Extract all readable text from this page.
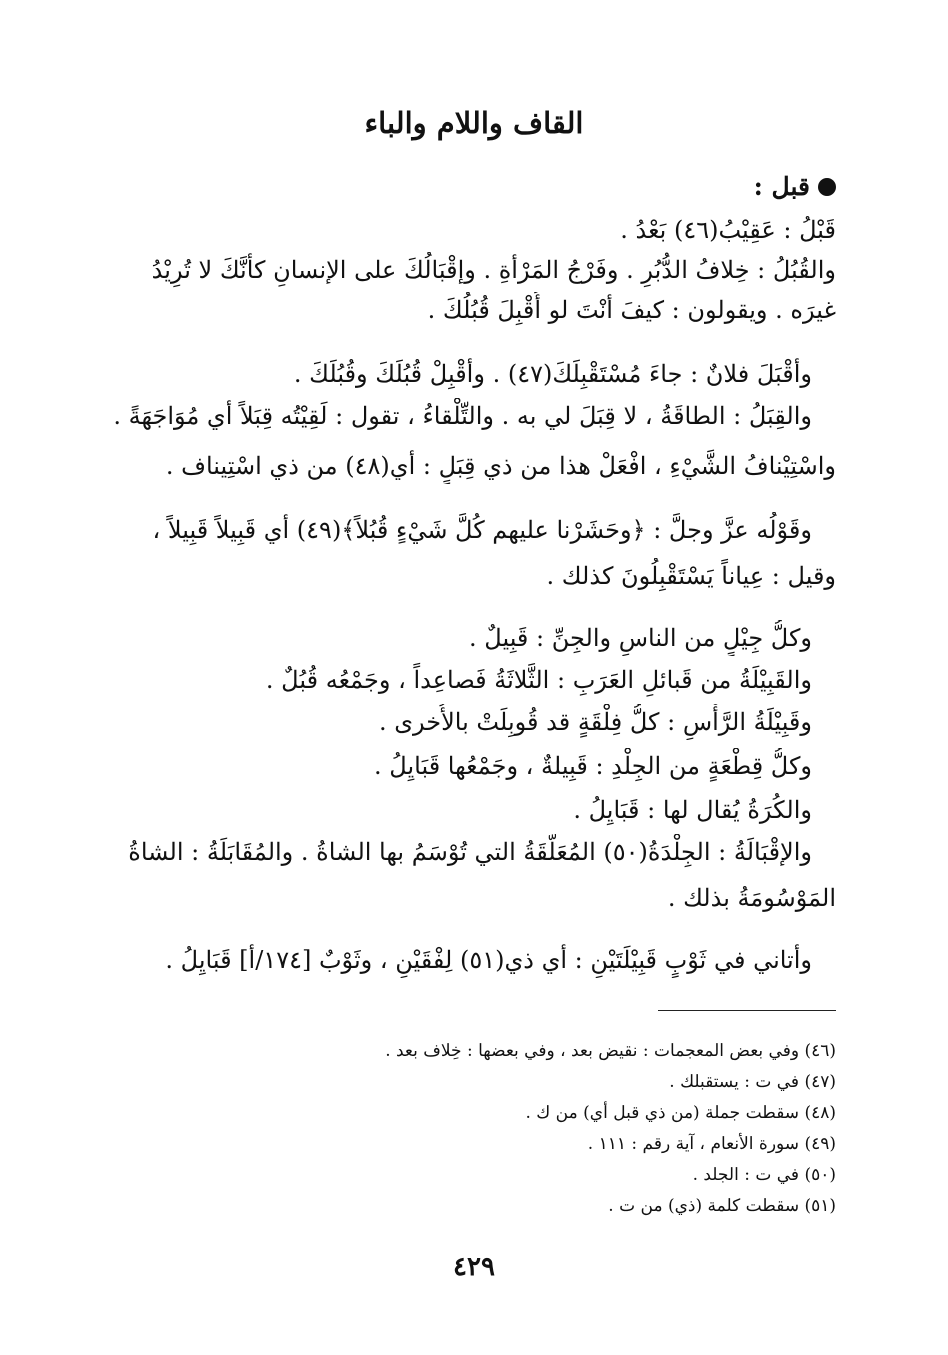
القاف واللام والباء
قبل :
قَبْلُ : عَقِيْبُ(٤٦) بَعْدُ .
والقُبُلُ : خِلافُ الدُّبُرِ . وفَرْجُ المَرْأةِ . وإقْبَالُكَ على الإنسانِ كأنَّكَ لا تُرِيْدُ
غيرَه . ويقولون : كيفَ أنْتَ لو أُقْبِلَ قُبُلُكَ .
وأقْبَلَ فلانٌ : جاءَ مُسْتَقْبِلَكَ(٤٧) . وأقْبِلْ قُبُلَكَ وقُبُلَكَ .
والقِبَلُ : الطاقَةُ ، لا قِبَلَ لي به . والتِّلْقاءُ ، تقول : لَقِيْتُه قِبَلاً أي مُوَاجَهَةً .
واسْتِيْنافُ الشَّيْءِ ، افْعَلْ هذا من ذي قِبَلٍ : أي(٤٨) من ذي اسْتِيناف .
وقَوْلُه عزَّ وجلَّ : ﴿وحَشَرْنا عليهم كُلَّ شَيْءٍ قُبُلاً﴾(٤٩) أي قَبِيلاً قَبِيلاً ،
وقيل : عِياناً يَسْتَقْبِلُونَ كذلك .
وكلُّ جِيْلٍ من الناسِ والجِنِّ : قَبِيلٌ .
والقَبِيْلَةُ من قَبائلِ العَرَبِ : الثَّلاثَةُ فَصاعِداً ، وجَمْعُه قُبُلٌ .
وقَبِيْلَةُ الرَّأْسِ : كلُّ فِلْقَةٍ قد قُوبِلَتْ بالأُخرى .
وكلُّ قِطْعَةٍ من الجِلْدِ : قَبِيلةٌ ، وجَمْعُها قَبَايِلُ .
والكُرَةُ يُقال لها : قَبَايِلُ .
والإقْبَالَةُ : الجِلْدَةُ(٥٠) المُعَلَّقَةُ التي تُوْسَمُ بها الشاةُ . والمُقَابَلَةُ : الشاةُ
المَوْسُومَةُ بذلك .
وأتاني في ثَوْبٍ قَبِيْلَتَيْنِ : أي ذي(٥١) لِفْقَيْنِ ، وثَوْبٌ [١٧٤/أ] قَبَايِلُ .
(٤٦) وفي بعض المعجمات : نقيض بعد ، وفي بعضها : خِلاف بعد .
(٤٧) في ت : يستقبلك .
(٤٨) سقطت جملة (من ذي قبل أي) من ك .
(٤٩) سورة الأنعام ، آية رقم : ١١١ .
(٥٠) في ت : الجلد .
(٥١) سقطت كلمة (ذي) من ت .
٤٢٩
